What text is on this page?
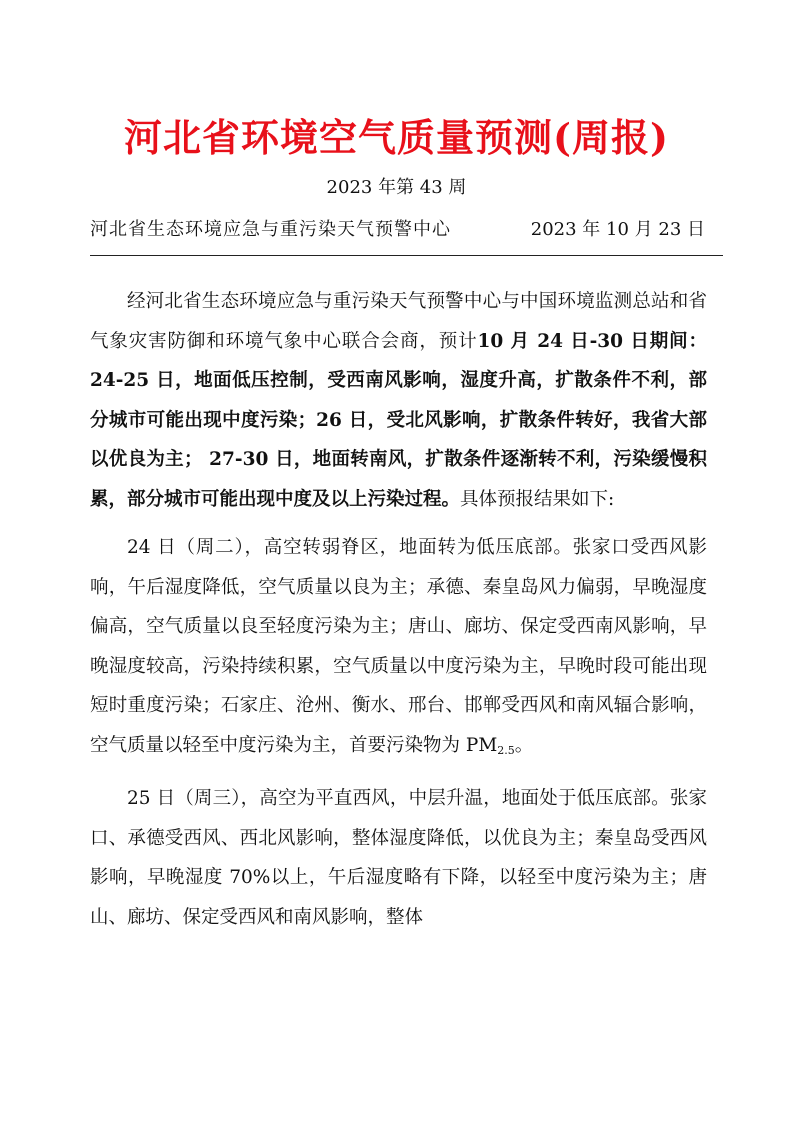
河北省环境空气质量预测(周报)
2023 年第 43 周
河北省生态环境应急与重污染天气预警中心	2023 年 10 月 23 日

经河北省生态环境应急与重污染天气预警中心与中国环境监测总站和省气象灾害防御和环境气象中心联合会商，预计10 月 24 日-30 日期间：24-25 日，地面低压控制，受西南风影响，湿度升高，扩散条件不利，部分城市可能出现中度污染；26 日，受北风影响，扩散条件转好，我省大部以优良为主； 27-30 日，地面转南风，扩散条件逐渐转不利，污染缓慢积累，部分城市可能出现中度及以上污染过程。具体预报结果如下:

24 日（周二），高空转弱脊区，地面转为低压底部。张家口受西风影响，午后湿度降低，空气质量以良为主；承德、秦皇岛风力偏弱，早晚湿度偏高，空气质量以良至轻度污染为主；唐山、廊坊、保定受西南风影响，早晚湿度较高，污染持续积累，空气质量以中度污染为主，早晚时段可能出现短时重度污染；石家庄、沧州、衡水、邢台、邯郸受西风和南风辐合影响，空气质量以轻至中度污染为主，首要污染物为 $PM_{2.5}$。

25 日（周三），高空为平直西风，中层升温，地面处于低压底部。张家口、承德受西风、西北风影响，整体湿度降低，以优良为主；秦皇岛受西风影响，早晚湿度 70%以上，午后湿度略有下降，以轻至中度污染为主；唐山、廊坊、保定受西风和南风影响，整体
